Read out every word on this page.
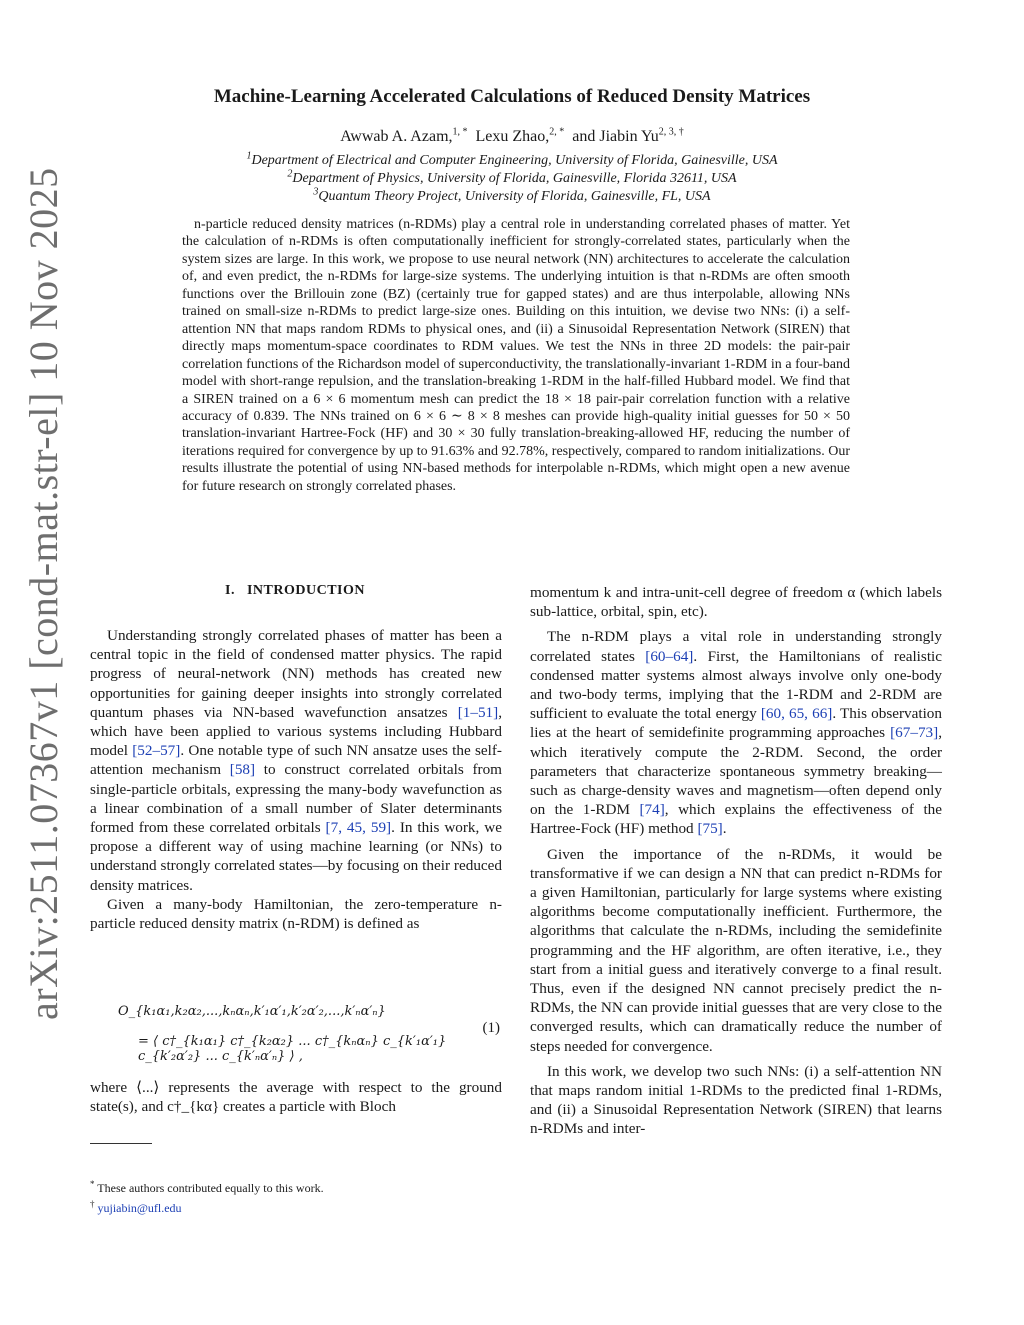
arXiv:2511.07367v1 [cond-mat.str-el] 10 Nov 2025
Machine-Learning Accelerated Calculations of Reduced Density Matrices
Awwab A. Azam,$^{1, *}$ Lexu Zhao,$^{2, *}$ and Jiabin $Yu^{2, 3, \dagger}$
$^1$Department of Electrical and Computer Engineering, University of Florida, Gainesville, USA
$^2$Department of Physics, University of Florida, Gainesville, Florida 32611, USA
$^3$Quantum Theory Project, University of Florida, Gainesville, FL, USA

n-particle reduced density matrices (n-RDMs) play a central role in understanding correlated phases of matter. Yet the calculation of n-RDMs is often computationally inefficient for strongly-correlated states, particularly when the system sizes are large. In this work, we propose to use neural network (NN) architectures to accelerate the calculation of, and even predict, the n-RDMs for large-size systems. The underlying intuition is that n-RDMs are often smooth functions over the Brillouin zone (BZ) (certainly true for gapped states) and are thus interpolable, allowing NNs trained on small-size n-RDMs to predict large-size ones. Building on this intuition, we devise two NNs: (i) a self-attention NN that maps random RDMs to physical ones, and (ii) a Sinusoidal Representation Network (SIREN) that directly maps momentum-space coordinates to RDM values. We test the NNs in three 2D models: the pair-pair correlation functions of the Richardson model of superconductivity, the translationally-invariant 1-RDM in a four-band model with short-range repulsion, and the translation-breaking 1-RDM in the half-filled Hubbard model. We find that a SIREN trained on a 6 × 6 momentum mesh can predict the 18 × 18 pair-pair correlation function with a relative accuracy of 0.839. The NNs trained on 6 × 6 ∼ 8 × 8 meshes can provide high-quality initial guesses for 50 × 50 translation-invariant Hartree-Fock (HF) and 30 × 30 fully translation-breaking-allowed HF, reducing the number of iterations required for convergence by up to 91.63% and 92.78%, respectively, compared to random initializations. Our results illustrate the potential of using NN-based methods for interpolable n-RDMs, which might open a new avenue for future research on strongly correlated phases.

I. INTRODUCTION

Understanding strongly correlated phases of matter has been a central topic in the field of condensed matter physics. The rapid progress of neural-network (NN) methods has created new opportunities for gaining deeper insights into strongly correlated quantum phases via NN-based wavefunction ansatzes [1–51], which have been applied to various systems including Hubbard model [52–57]. One notable type of such NN ansatze uses the self-attention mechanism [58] to construct correlated orbitals from single-particle orbitals, expressing the many-body wavefunction as a linear combination of a small number of Slater determinants formed from these correlated orbitals [7, 45, 59]. In this work, we propose a different way of using machine learning (or NNs) to understand strongly correlated states—by focusing on their reduced density matrices.

Given a many-body Hamiltonian, the zero-temperature n-particle reduced density matrix (n-RDM) is defined as

O_{k₁α₁,k₂α₂,...,kₙαₙ,k′₁α′₁,k′₂α′₂,...,k′ₙα′ₙ}
= ⟨ c†_{k₁α₁} c†_{k₂α₂} ... c†_{kₙαₙ} c_{k′₁α′₁} c_{k′₂α′₂} ... c_{k′ₙα′ₙ} ⟩ ,
(1)

where ⟨...⟩ represents the average with respect to the ground state(s), and c†_{kα} creates a particle with Bloch

* These authors contributed equally to this work.
† yujiabin@ufl.edu

momentum k and intra-unit-cell degree of freedom α (which labels sub-lattice, orbital, spin, etc).

The n-RDM plays a vital role in understanding strongly correlated states [60–64]. First, the Hamiltonians of realistic condensed matter systems almost always involve only one-body and two-body terms, implying that the 1-RDM and 2-RDM are sufficient to evaluate the total energy [60, 65, 66]. This observation lies at the heart of semidefinite programming approaches [67–73], which iteratively compute the 2-RDM. Second, the order parameters that characterize spontaneous symmetry breaking—such as charge-density waves and magnetism—often depend only on the 1-RDM [74], which explains the effectiveness of the Hartree-Fock (HF) method [75].

Given the importance of the n-RDMs, it would be transformative if we can design a NN that can predict n-RDMs for a given Hamiltonian, particularly for large systems where existing algorithms become computationally inefficient. Furthermore, the algorithms that calculate the n-RDMs, including the semidefinite programming and the HF algorithm, are often iterative, i.e., they start from a initial guess and iteratively converge to a final result. Thus, even if the designed NN cannot precisely predict the n-RDMs, the NN can provide initial guesses that are very close to the converged results, which can dramatically reduce the number of steps needed for convergence.

In this work, we develop two such NNs: (i) a self-attention NN that maps random initial 1-RDMs to the predicted final 1-RDMs, and (ii) a Sinusoidal Representation Network (SIREN) that learns n-RDMs and inter-
